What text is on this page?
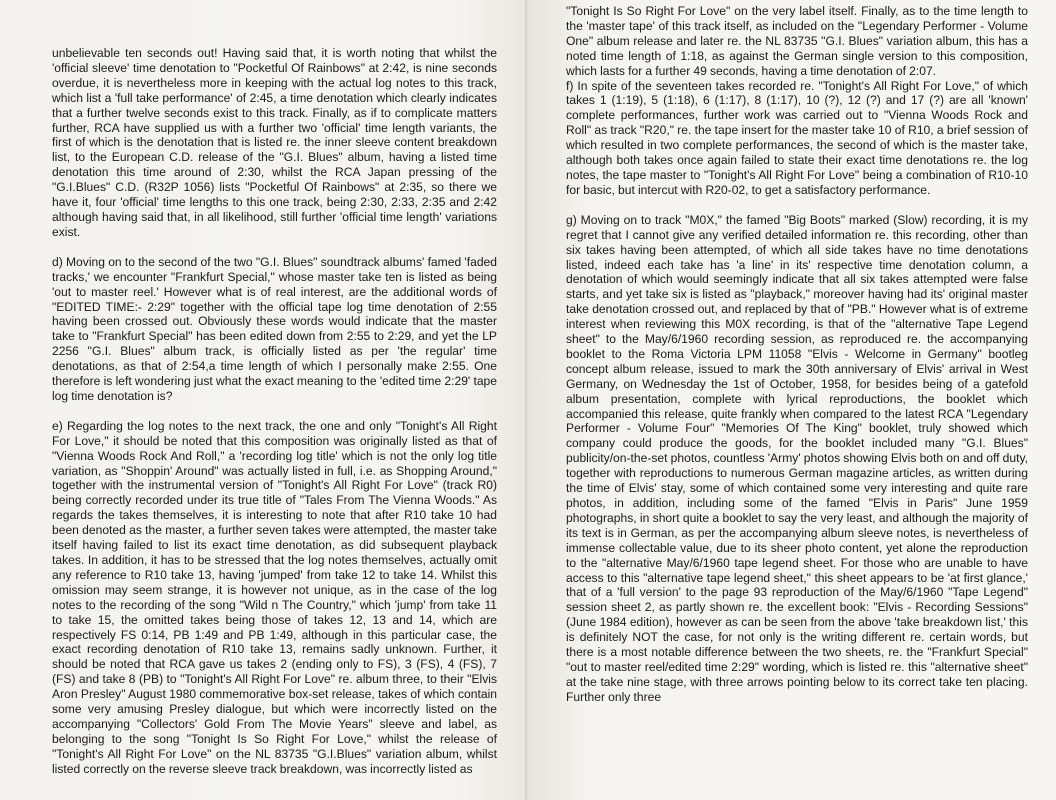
unbelievable ten seconds out! Having said that, it is worth noting that whilst the 'official sleeve' time denotation to "Pocketful Of Rainbows" at 2:42, is nine seconds overdue, it is nevertheless more in keeping with the actual log notes to this track, which list a 'full take performance' of 2:45, a time denotation which clearly indicates that a further twelve seconds exist to this track. Finally, as if to complicate matters further, RCA have supplied us with a further two 'official' time length variants, the first of which is the denotation that is listed re. the inner sleeve content breakdown list, to the European C.D. release of the "G.I. Blues" album, having a listed time denotation this time around of 2:30, whilst the RCA Japan pressing of the "G.I.Blues" C.D. (R32P 1056) lists "Pocketful Of Rainbows" at 2:35, so there we have it, four 'official' time lengths to this one track, being 2:30, 2:33, 2:35 and 2:42 although having said that, in all likelihood, still further 'official time length' variations exist.

d) Moving on to the second of the two "G.I. Blues" soundtrack albums' famed 'faded tracks,' we encounter "Frankfurt Special," whose master take ten is listed as being 'out to master reel.' However what is of real interest, are the additional words of "EDITED TIME:- 2:29" together with the official tape log time denotation of 2:55 having been crossed out. Obviously these words would indicate that the master take to "Frankfurt Special" has been edited down from 2:55 to 2:29, and yet the LP 2256 "G.I. Blues" album track, is officially listed as per 'the regular' time denotations, as that of 2:54,a time length of which I personally make 2:55. One therefore is left wondering just what the exact meaning to the 'edited time 2:29' tape log time denotation is?

e) Regarding the log notes to the next track, the one and only "Tonight's All Right For Love," it should be noted that this composition was originally listed as that of "Vienna Woods Rock And Roll," a 'recording log title' which is not the only log title variation, as "Shoppin' Around" was actually listed in full, i.e. as Shopping Around," together with the instrumental version of "Tonight's All Right For Love" (track R0) being correctly recorded under its true title of "Tales From The Vienna Woods." As regards the takes themselves, it is interesting to note that after R10 take 10 had been denoted as the master, a further seven takes were attempted, the master take itself having failed to list its exact time denotation, as did subsequent playback takes. In addition, it has to be stressed that the log notes themselves, actually omit any reference to R10 take 13, having 'jumped' from take 12 to take 14. Whilst this omission may seem strange, it is however not unique, as in the case of the log notes to the recording of the song "Wild n The Country," which 'jump' from take 11 to take 15, the omitted takes being those of takes 12, 13 and 14, which are respectively FS 0:14, PB 1:49 and PB 1:49, although in this particular case, the exact recording denotation of R10 take 13, remains sadly unknown. Further, it should be noted that RCA gave us takes 2 (ending only to FS), 3 (FS), 4 (FS), 7 (FS) and take 8 (PB) to "Tonight's All Right For Love" re. album three, to their "Elvis Aron Presley" August 1980 commemorative box-set release, takes of which contain some very amusing Presley dialogue, but which were incorrectly listed on the accompanying "Collectors' Gold From The Movie Years" sleeve and label, as belonging to the song "Tonight Is So Right For Love," whilst the release of "Tonight's All Right For Love" on the NL 83735 "G.I.Blues" variation album, whilst listed correctly on the reverse sleeve track breakdown, was incorrectly listed as

"Tonight Is So Right For Love" on the very label itself. Finally, as to the time length to the 'master tape' of this track itself, as included on the "Legendary Performer - Volume One" album release and later re. the NL 83735 "G.I. Blues" variation album, this has a noted time length of 1:18, as against the German single version to this composition, which lasts for a further 49 seconds, having a time denotation of 2:07.
f) In spite of the seventeen takes recorded re. "Tonight's All Right For Love," of which takes 1 (1:19), 5 (1:18), 6 (1:17), 8 (1:17), 10 (?), 12 (?) and 17 (?) are all 'known' complete performances, further work was carried out to "Vienna Woods Rock and Roll" as track "R20," re. the tape insert for the master take 10 of R10, a brief session of which resulted in two complete performances, the second of which is the master take, although both takes once again failed to state their exact time denotations re. the log notes, the tape master to "Tonight's All Right For Love" being a combination of R10-10 for basic, but intercut with R20-02, to get a satisfactory performance.

g) Moving on to track "M0X," the famed "Big Boots" marked (Slow) recording, it is my regret that I cannot give any verified detailed information re. this recording, other than six takes having been attempted, of which all side takes have no time denotations listed, indeed each take has 'a line' in its' respective time denotation column, a denotation of which would seemingly indicate that all six takes attempted were false starts, and yet take six is listed as "playback," moreover having had its' original master take denotation crossed out, and replaced by that of "PB." However what is of extreme interest when reviewing this M0X recording, is that of the "alternative Tape Legend sheet" to the May/6/1960 recording session, as reproduced re. the accompanying booklet to the Roma Victoria LPM 11058 "Elvis - Welcome in Germany" bootleg concept album release, issued to mark the 30th anniversary of Elvis' arrival in West Germany, on Wednesday the 1st of October, 1958, for besides being of a gatefold album presentation, complete with lyrical reproductions, the booklet which accompanied this release, quite frankly when compared to the latest RCA "Legendary Performer - Volume Four" "Memories Of The King" booklet, truly showed which company could produce the goods, for the booklet included many "G.I. Blues" publicity/on-the-set photos, countless 'Army' photos showing Elvis both on and off duty, together with reproductions to numerous German magazine articles, as written during the time of Elvis' stay, some of which contained some very interesting and quite rare photos, in addition, including some of the famed "Elvis in Paris" June 1959 photographs, in short quite a booklet to say the very least, and although the majority of its text is in German, as per the accompanying album sleeve notes, is nevertheless of immense collectable value, due to its sheer photo content, yet alone the reproduction to the "alternative May/6/1960 tape legend sheet. For those who are unable to have access to this "alternative tape legend sheet," this sheet appears to be 'at first glance,' that of a 'full version' to the page 93 reproduction of the May/6/1960 "Tape Legend" session sheet 2, as partly shown re. the excellent book: "Elvis - Recording Sessions" (June 1984 edition), however as can be seen from the above 'take breakdown list,' this is definitely NOT the case, for not only is the writing different re. certain words, but there is a most notable difference between the two sheets, re. the "Frankfurt Special" "out to master reel/edited time 2:29" wording, which is listed re. this "alternative sheet" at the take nine stage, with three arrows pointing below to its correct take ten placing. Further only three
